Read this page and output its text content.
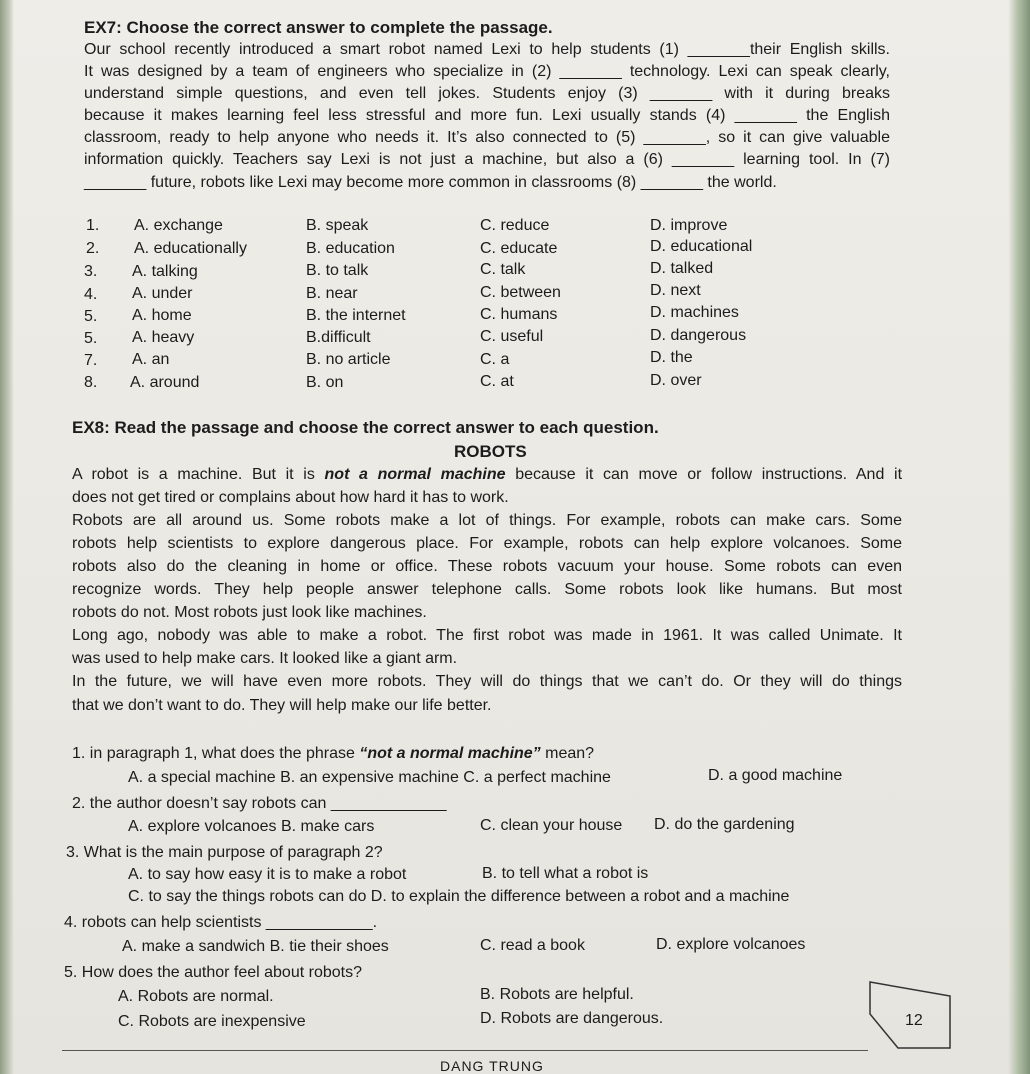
EX7: Choose the correct answer to complete the passage.
Our school recently introduced a smart robot named Lexi to help students (1) _______their English skills.
It was designed by a team of engineers who specialize in (2) _______ technology. Lexi can speak clearly,
understand simple questions, and even tell jokes. Students enjoy (3) _______ with it during breaks
because it makes learning feel less stressful and more fun. Lexi usually stands (4) _______ the English
classroom, ready to help anyone who needs it. It’s also connected to (5) _______, so it can give valuable
information quickly. Teachers say Lexi is not just a machine, but also a (6) _______ learning tool. In (7)
_______ future, robots like Lexi may become more common in classrooms (8) _______ the world.
1. A. exchange	B. speak	C. reduce	D. improve
2. A. educationally	B. education	C. educate	D. educational
3. A. talking	B. to talk	C. talk	D. talked
4. A. under	B. near	C. between	D. next
5. A. home	B. the internet	C. humans	D. machines
5. A. heavy	B.difficult	C. useful	D. dangerous
7. A. an	B. no article	C. a	D. the
8. A. around	B. on	C. at	D. over
EX8: Read the passage and choose the correct answer to each question.
ROBOTS
A robot is a machine. But it is not a normal machine because it can move or follow instructions. And it
does not get tired or complains about how hard it has to work.
Robots are all around us. Some robots make a lot of things. For example, robots can make cars. Some
robots help scientists to explore dangerous place. For example, robots can help explore volcanoes. Some
robots also do the cleaning in home or office. These robots vacuum your house. Some robots can even
recognize words. They help people answer telephone calls. Some robots look like humans. But most
robots do not. Most robots just look like machines.
Long ago, nobody was able to make a robot. The first robot was made in 1961. It was called Unimate. It
was used to help make cars. It looked like a giant arm.
In the future, we will have even more robots. They will do things that we can’t do. Or they will do things
that we don’t want to do. They will help make our life better.
1. in paragraph 1, what does the phrase “not a normal machine” mean?
A. a special machine B. an expensive machine C. a perfect machine	D. a good machine
2. the author doesn’t say robots can _____________
A. explore volcanoes B. make cars	C. clean your house D. do the gardening
3. What is the main purpose of paragraph 2?
A. to say how easy it is to make a robot	B. to tell what a robot is
C. to say the things robots can do D. to explain the difference between a robot and a machine
4. robots can help scientists ____________.
A. make a sandwich B. tie their shoes	C. read a book	D. explore volcanoes
5. How does the author feel about robots?
A. Robots are normal.	B. Robots are helpful.
C. Robots are inexpensive	D. Robots are dangerous.	12
DANG TRUNG
